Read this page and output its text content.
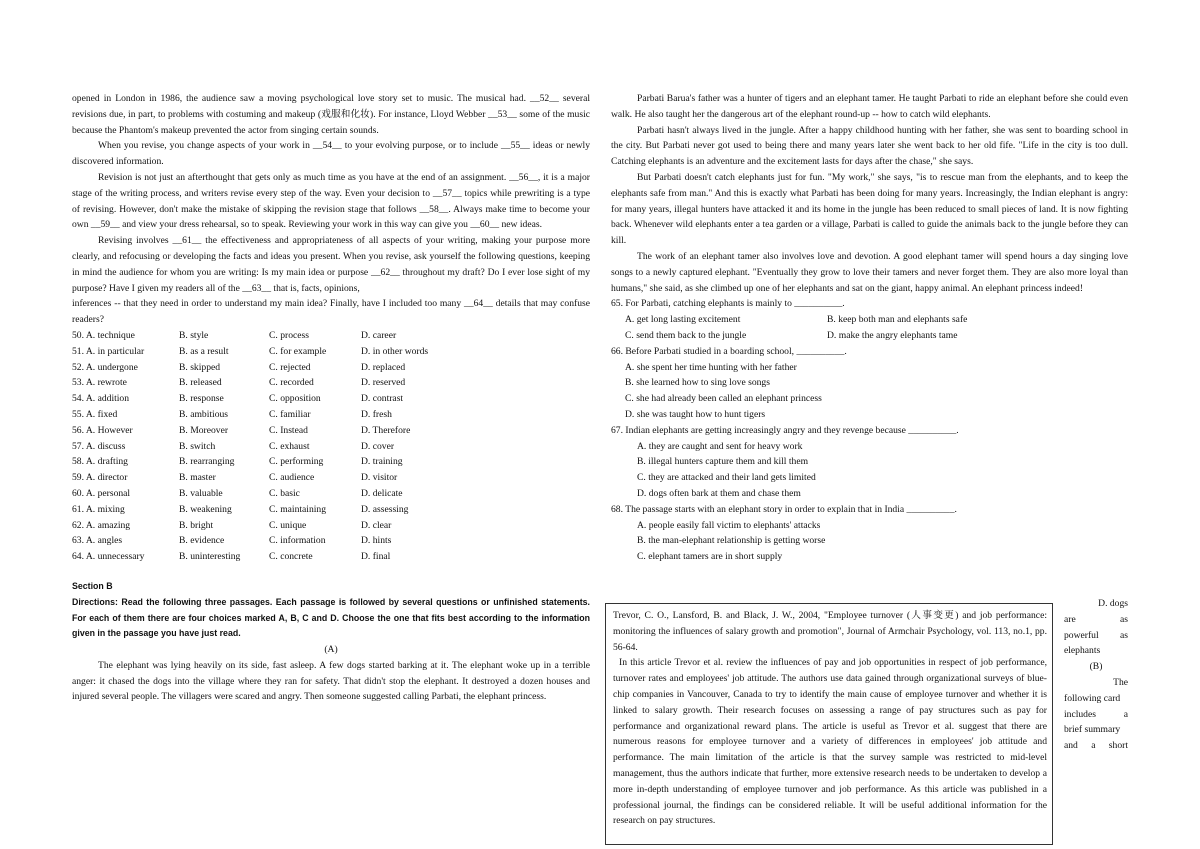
opened in London in 1986, the audience saw a moving psychological love story set to music. The musical had. __52__ several revisions due, in part, to problems with costuming and makeup (戏服和化妆). For instance, Lloyd Webber __53__ some of the music because the Phantom's makeup prevented the actor from singing certain sounds.

When you revise, you change aspects of your work in __54__ to your evolving purpose, or to include __55__ ideas or newly discovered information.

Revision is not just an afterthought that gets only as much time as you have at the end of an assignment. __56__, it is a major stage of the writing process, and writers revise every step of the way. Even your decision to __57__ topics while prewriting is a type of revising. However, don't make the mistake of skipping the revision stage that follows __58__. Always make time to become your own __59__ and view your dress rehearsal, so to speak. Reviewing your work in this way can give you __60__ new ideas.

Revising involves __61__ the effectiveness and appropriateness of all aspects of your writing, making your purpose more clearly, and refocusing or developing the facts and ideas you present. When you revise, ask yourself the following questions, keeping in mind the audience for whom you are writing: Is my main idea or purpose __62__ throughout my draft? Do I ever lose sight of my purpose? Have I given my readers all of the __63__ that is, facts, opinions,

inferences -- that they need in order to understand my main idea? Finally, have I included too many __64__ details that may confuse readers?

50. A. technique	B. style	C. process	D. career
51. A. in particular	B. as a result	C. for example	D. in other words
52. A. undergone	B. skipped	C. rejected	D. replaced
53. A. rewrote	B. released	C. recorded	D. reserved
54. A. addition	B. response	C. opposition	D. contrast
55. A. fixed	B. ambitious	C. familiar	D. fresh
56. A. However	B. Moreover	C. Instead	D. Therefore
57. A. discuss	B. switch	C. exhaust	D. cover
58. A. drafting	B. rearranging	C. performing	D. training
59. A. director	B. master	C. audience	D. visitor
60. A. personal	B. valuable	C. basic	D. delicate
61. A. mixing	B. weakening	C. maintaining	D. assessing
62. A. amazing	B. bright	C. unique	D. clear
63. A. angles	B. evidence	C. information	D. hints
64. A. unnecessary	B. uninteresting	C. concrete	D. final

Section B

Directions: Read the following three passages. Each passage is followed by several questions or unfinished statements. For each of them there are four choices marked A, B, C and D. Choose the one that fits best according to the information given in the passage you have just read.

(A)

The elephant was lying heavily on its side, fast asleep. A few dogs started barking at it. The elephant woke up in a terrible anger: it chased the dogs into the village where they ran for safety. That didn't stop the elephant. It destroyed a dozen houses and injured several people. The villagers were scared and angry. Then someone suggested calling Parbati, the elephant princess.

Parbati Barua's father was a hunter of tigers and an elephant tamer. He taught Parbati to ride an elephant before she could even walk. He also taught her the dangerous art of the elephant round-up -- how to catch wild elephants.

Parbati hasn't always lived in the jungle. After a happy childhood hunting with her father, she was sent to boarding school in the city. But Parbati never got used to being there and many years later she went back to her old fife. "Life in the city is too dull. Catching elephants is an adventure and the excitement lasts for days after the chase," she says.

But Parbati doesn't catch elephants just for fun. "My work," she says, "is to rescue man from the elephants, and to keep the elephants safe from man." And this is exactly what Parbati has been doing for many years. Increasingly, the Indian elephant is angry: for many years, illegal hunters have attacked it and its home in the jungle has been reduced to small pieces of land. It is now fighting back. Whenever wild elephants enter a tea garden or a village, Parbati is called to guide the animals back to the jungle before they can kill.

The work of an elephant tamer also involves love and devotion. A good elephant tamer will spend hours a day singing love songs to a newly captured elephant. "Eventually they grow to love their tamers and never forget them. They are also more loyal than humans," she said, as she climbed up one of her elephants and sat on the giant, happy animal. An elephant princess indeed!

65. For Parbati, catching elephants is mainly to __________.

A. get long lasting excitement	B. keep both man and elephants safe
C. send them back to the jungle	D. make the angry elephants tame

66. Before Parbati studied in a boarding school, __________.

A. she spent her time hunting with her father

B. she learned how to sing love songs

C. she had already been called an elephant princess

D. she was taught how to hunt tigers

67. Indian elephants are getting increasingly angry and they revenge because __________.

A. they are caught and sent for heavy work

B. illegal hunters capture them and kill them

C. they are attacked and their land gets limited

D. dogs often bark at them and chase them

68. The passage starts with an elephant story in order to explain that in India __________.

A. people easily fall victim to elephants' attacks

B. the man-elephant relationship is getting worse

C. elephant tamers are in short supply

Trevor, C. O., Lansford, B. and Black, J. W., 2004, "Employee turnover (人事变更) and job performance: monitoring the influences of salary growth and promotion", Journal of Armchair Psychology, vol. 113, no.1, pp. 56-64.

In this article Trevor et al. review the influences of pay and job opportunities in respect of job performance, turnover rates and employees' job attitude. The authors use data gained through organizational surveys of blue-chip companies in Vancouver, Canada to try to identify the main cause of employee turnover and whether it is linked to salary growth. Their research focuses on assessing a range of pay structures such as pay for performance and organizational reward plans. The article is useful as Trevor et al. suggest that there are numerous reasons for employee turnover and a variety of differences in employees' job attitude and performance. The main limitation of the article is that the survey sample was restricted to mid-level management, thus the authors indicate that further, more extensive research needs to be undertaken to develop a more in-depth understanding of employee turnover and job performance. As this article was published in a professional journal, the findings can be considered reliable. It will be useful additional information for the research on pay structures.

D. dogs

are as

powerful as

elephants

(B)

The

following card

includes a

brief summary

and a short
